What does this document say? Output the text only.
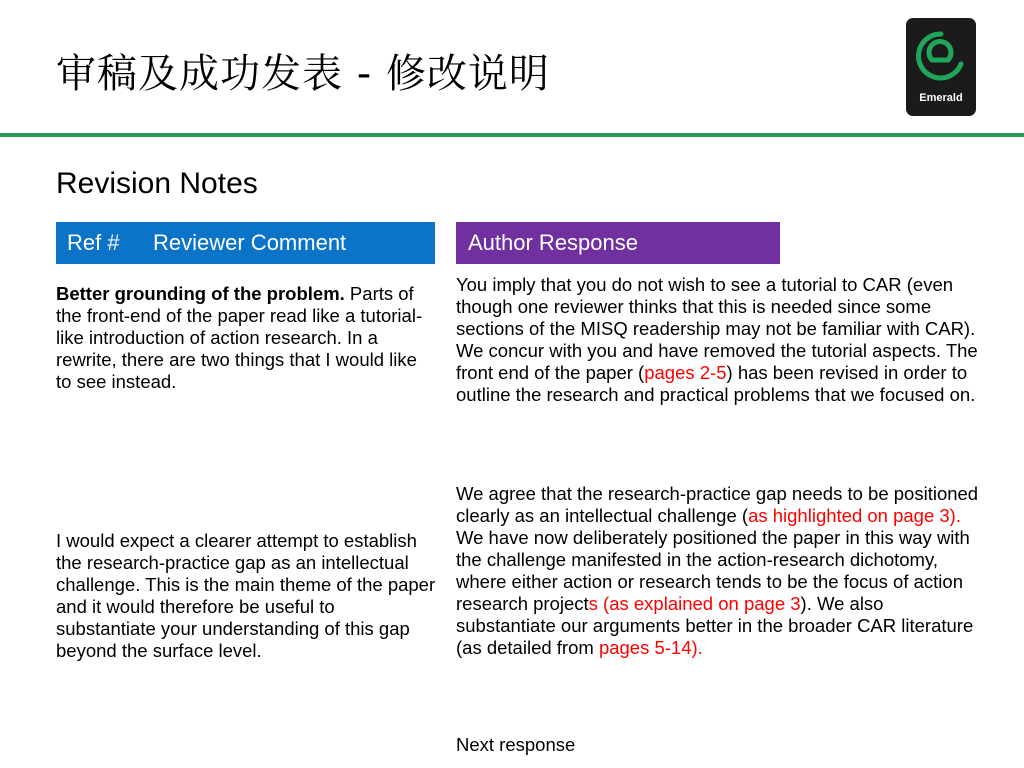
审稿及成功发表 - 修改说明
Emerald
Revision Notes
Ref # Reviewer Comment	Author Response

Better grounding of the problem. Parts of the front-end of the paper read like a tutorial-like introduction of action research. In a rewrite, there are two things that I would like to see instead.

I would expect a clearer attempt to establish the research-practice gap as an intellectual challenge. This is the main theme of the paper and it would therefore be useful to substantiate your understanding of this gap beyond the surface level.

You imply that you do not wish to see a tutorial to CAR (even though one reviewer thinks that this is needed since some sections of the MISQ readership may not be familiar with CAR). We concur with you and have removed the tutorial aspects. The front end of the paper (pages 2-5) has been revised in order to outline the research and practical problems that we focused on.

We agree that the research-practice gap needs to be positioned clearly as an intellectual challenge (as highlighted on page 3). We have now deliberately positioned the paper in this way with the challenge manifested in the action-research dichotomy, where either action or research tends to be the focus of action research projects (as explained on page 3). We also substantiate our arguments better in the broader CAR literature (as detailed from pages 5-14).

Next response
